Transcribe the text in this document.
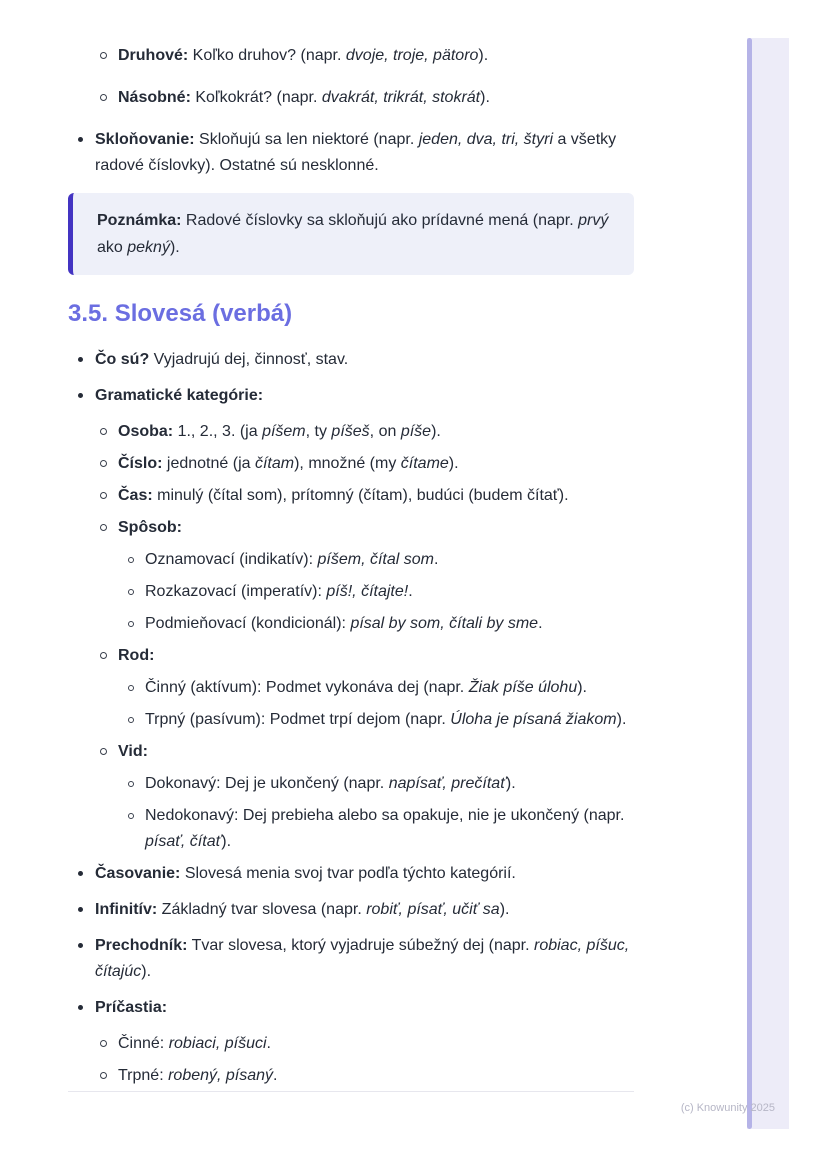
Druhové: Koľko druhov? (napr. dvoje, troje, pätoro).
Násobné: Koľkokrát? (napr. dvakrát, trikrát, stokrát).
Skloňovanie: Skloňujú sa len niektoré (napr. jeden, dva, tri, štyri a všetky radové číslovky). Ostatné sú nesklonné.
Poznámka: Radové číslovky sa skloňujú ako prídavné mená (napr. prvý ako pekný).
3.5. Slovesá (verbá)
Čo sú? Vyjadrujú dej, činnosť, stav.
Gramatické kategórie:
Osoba: 1., 2., 3. (ja píšem, ty píšeš, on píše).
Číslo: jednotné (ja čítam), množné (my čítame).
Čas: minulý (čítal som), prítomný (čítam), budúci (budem čítať).
Spôsob:
Oznamovací (indikatív): píšem, čítal som.
Rozkazovací (imperatív): píš!, čítajte!.
Podmieňovací (kondicionál): písal by som, čítali by sme.
Rod:
Činný (aktívum): Podmet vykonáva dej (napr. Žiak píše úlohu).
Trpný (pasívum): Podmet trpí dejom (napr. Úloha je písaná žiakom).
Vid:
Dokonavý: Dej je ukončený (napr. napísať, prečítať).
Nedokonavý: Dej prebieha alebo sa opakuje, nie je ukončený (napr. písať, čítať).
Časovanie: Slovesá menia svoj tvar podľa týchto kategórií.
Infinitív: Základný tvar slovesa (napr. robiť, písať, učiť sa).
Prechodník: Tvar slovesa, ktorý vyjadruje súbežný dej (napr. robiac, píšuc, čítajúc).
Príčastia:
Činné: robiaci, píšuci.
Trpné: robený, písaný.
(c) Knowunity 2025
